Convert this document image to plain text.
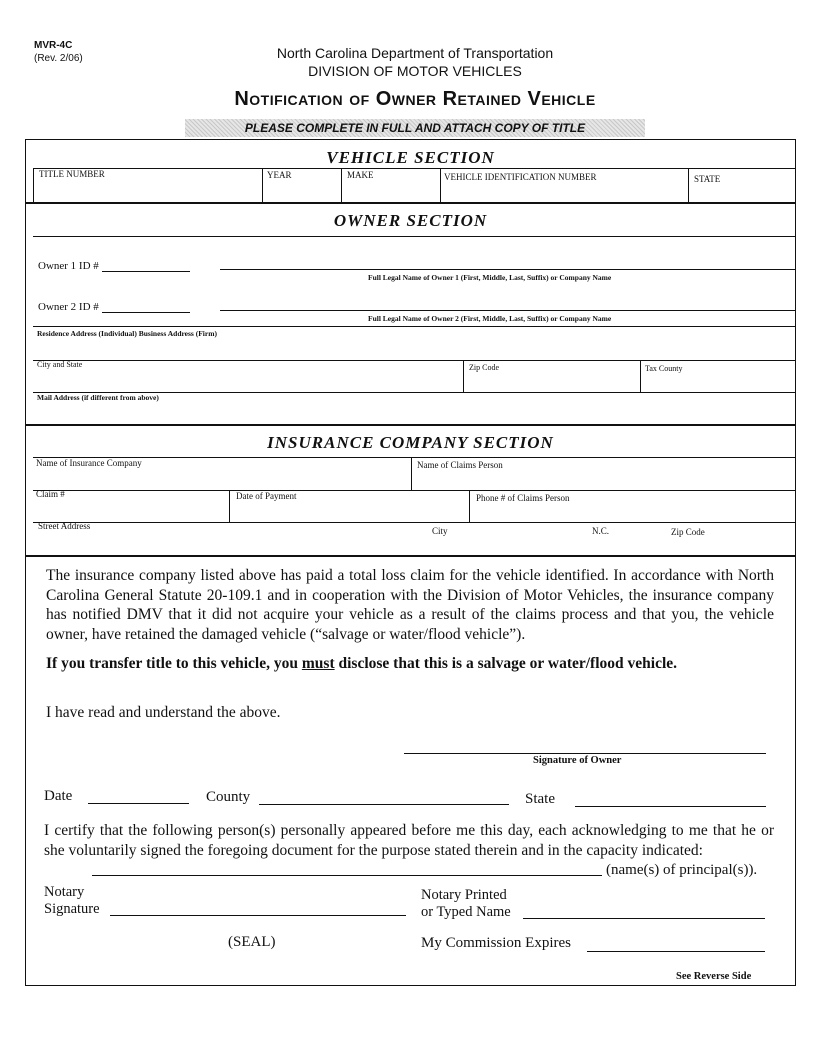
MVR-4C
(Rev. 2/06)	North Carolina Department of Transportation
DIVISION OF MOTOR VEHICLES
Notification of Owner Retained Vehicle
PLEASE COMPLETE IN FULL AND ATTACH COPY OF TITLE
VEHICLE SECTION
TITLE NUMBER	YEAR	MAKE	VEHICLE IDENTIFICATION NUMBER	STATE
OWNER SECTION
Owner 1 ID #
Full Legal Name of Owner 1 (First, Middle, Last, Suffix) or Company Name
Owner 2 ID #
Full Legal Name of Owner 2 (First, Middle, Last, Suffix) or Company Name
Residence Address (Individual) Business Address (Firm)
City and State	Zip Code	Tax County
Mail Address (if different from above)
INSURANCE COMPANY SECTION
Name of Insurance Company	Name of Claims Person
Claim #	Date of Payment	Phone # of Claims Person
Street Address	City	N.C.	Zip Code
The insurance company listed above has paid a total loss claim for the vehicle identified. In accordance with North Carolina General Statute 20-109.1 and in cooperation with the Division of Motor Vehicles, the insurance company has notified DMV that it did not acquire your vehicle as a result of the claims process and that you, the vehicle owner, have retained the damaged vehicle (“salvage or water/flood vehicle”).
If you transfer title to this vehicle, you must disclose that this is a salvage or water/flood vehicle.
I have read and understand the above.
Signature of Owner
Date	County	State
I certify that the following person(s) personally appeared before me this day, each acknowledging to me that he or she voluntarily signed the foregoing document for the purpose stated therein and in the capacity indicated:
(name(s) of principal(s)).
Notary
Signature
Notary Printed
or Typed Name
(SEAL)	My Commission Expires
See Reverse Side
